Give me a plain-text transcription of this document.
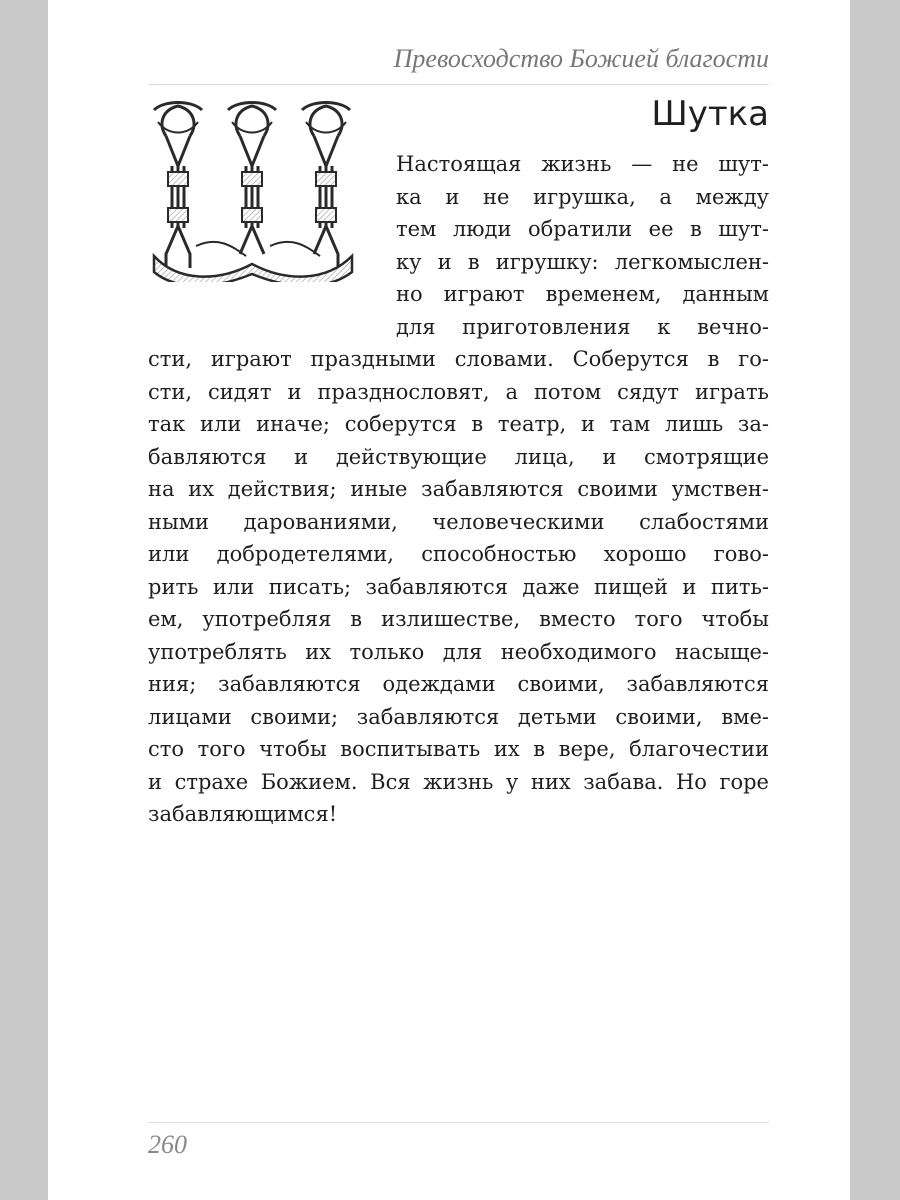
Превосходство Божией благости
Шутка
Настоящая жизнь — не шут-
ка и не игрушка, а между
тем люди обратили ее в шут-
ку и в игрушку: легкомыслен-
но играют временем, данным
для приготовления к вечно-
сти, играют праздными словами. Соберутся в го-
сти, сидят и празднословят, а потом сядут играть
так или иначе; соберутся в театр, и там лишь за-
бавляются и действующие лица, и смотрящие
на их действия; иные забавляются своими умствен-
ными дарованиями, человеческими слабостями
или добродетелями, способностью хорошо гово-
рить или писать; забавляются даже пищей и пить-
ем, употребляя в излишестве, вместо того чтобы
употреблять их только для необходимого насыще-
ния; забавляются одеждами своими, забавляются
лицами своими; забавляются детьми своими, вме-
сто того чтобы воспитывать их в вере, благочестии
и страхе Божием. Вся жизнь у них забава. Но горе
забавляющимся!
260
